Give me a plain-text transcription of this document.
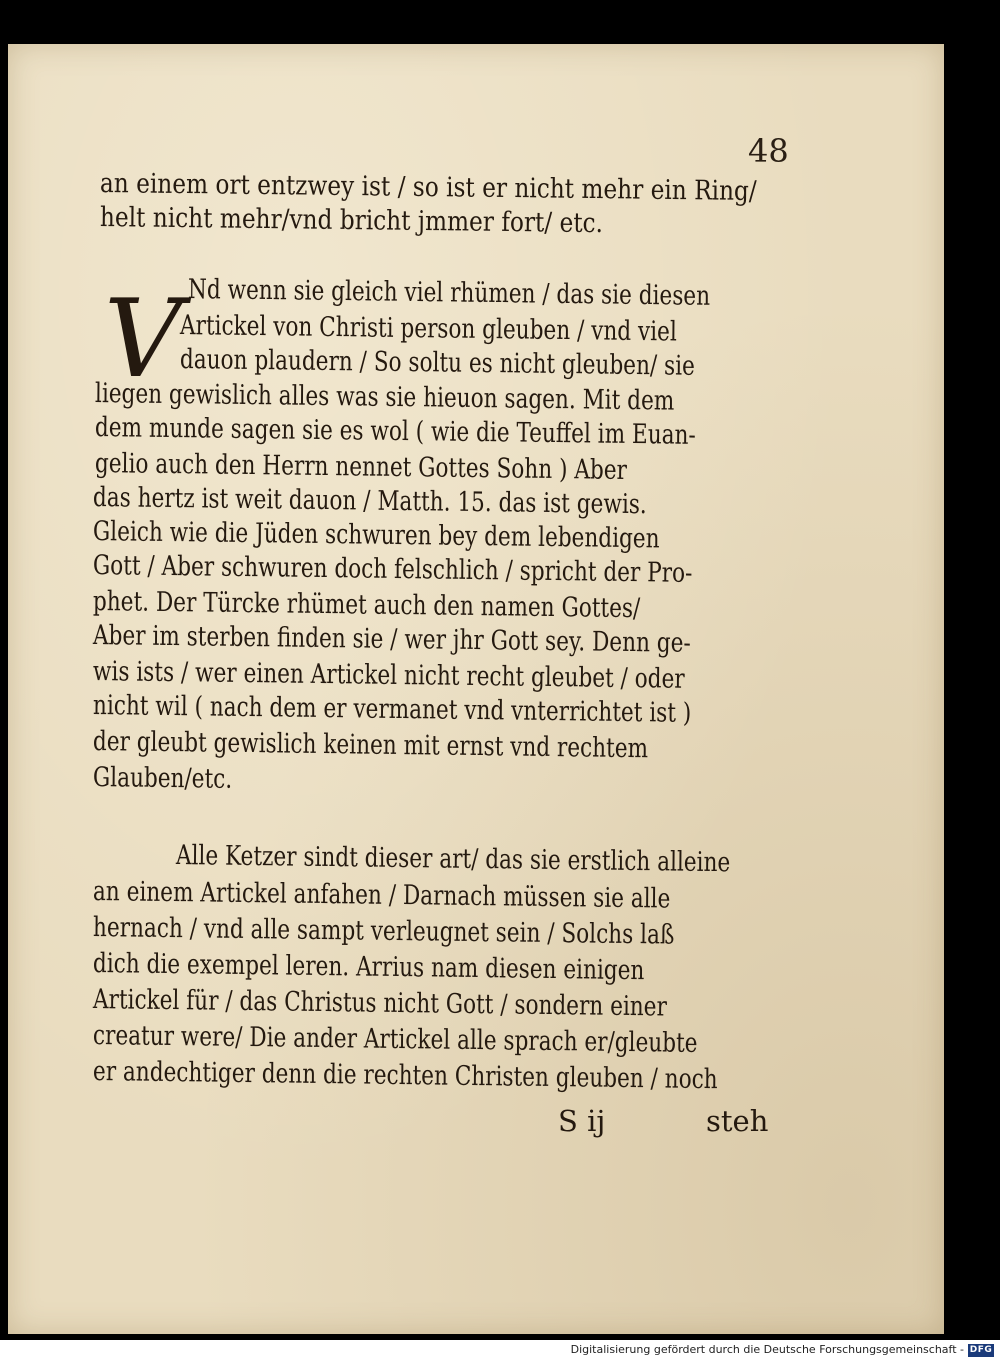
48
an einem ort entzwey ist / so ist er nicht mehr ein Ring/
helt nicht mehr/vnd bricht jmmer fort/ etc.
V Nd wenn sie gleich viel rhümen / das sie diesen
Artickel von Christi person gleuben / vnd viel
dauon plaudern / So soltu es nicht gleuben/ sie
liegen gewislich alles was sie hieuon sagen. Mit dem
dem munde sagen sie es wol ( wie die Teuffel im Euan-
gelio auch den Herrn nennet Gottes Sohn ) Aber
das hertz ist weit dauon / Matth. 15. das ist gewis.
Gleich wie die Jüden schwuren bey dem lebendigen
Gott / Aber schwuren doch felschlich / spricht der Pro-
phet. Der Türcke rhümet auch den namen Gottes/
Aber im sterben finden sie / wer jhr Gott sey. Denn ge-
wis ists / wer einen Artickel nicht recht gleubet / oder
nicht wil ( nach dem er vermanet vnd vnterrichtet ist )
der gleubt gewislich keinen mit ernst vnd rechtem
Glauben/etc.
Alle Ketzer sindt dieser art/ das sie erstlich alleine
an einem Artickel anfahen / Darnach müssen sie alle
hernach / vnd alle sampt verleugnet sein / Solchs laß
dich die exempel leren. Arrius nam diesen einigen
Artickel für / das Christus nicht Gott / sondern einer
creatur were/ Die ander Artickel alle sprach er/gleubte
er andechtiger denn die rechten Christen gleuben / noch
S ij	steh
Digitalisierung gefördert durch die Deutsche Forschungsgemeinschaft - DFG
